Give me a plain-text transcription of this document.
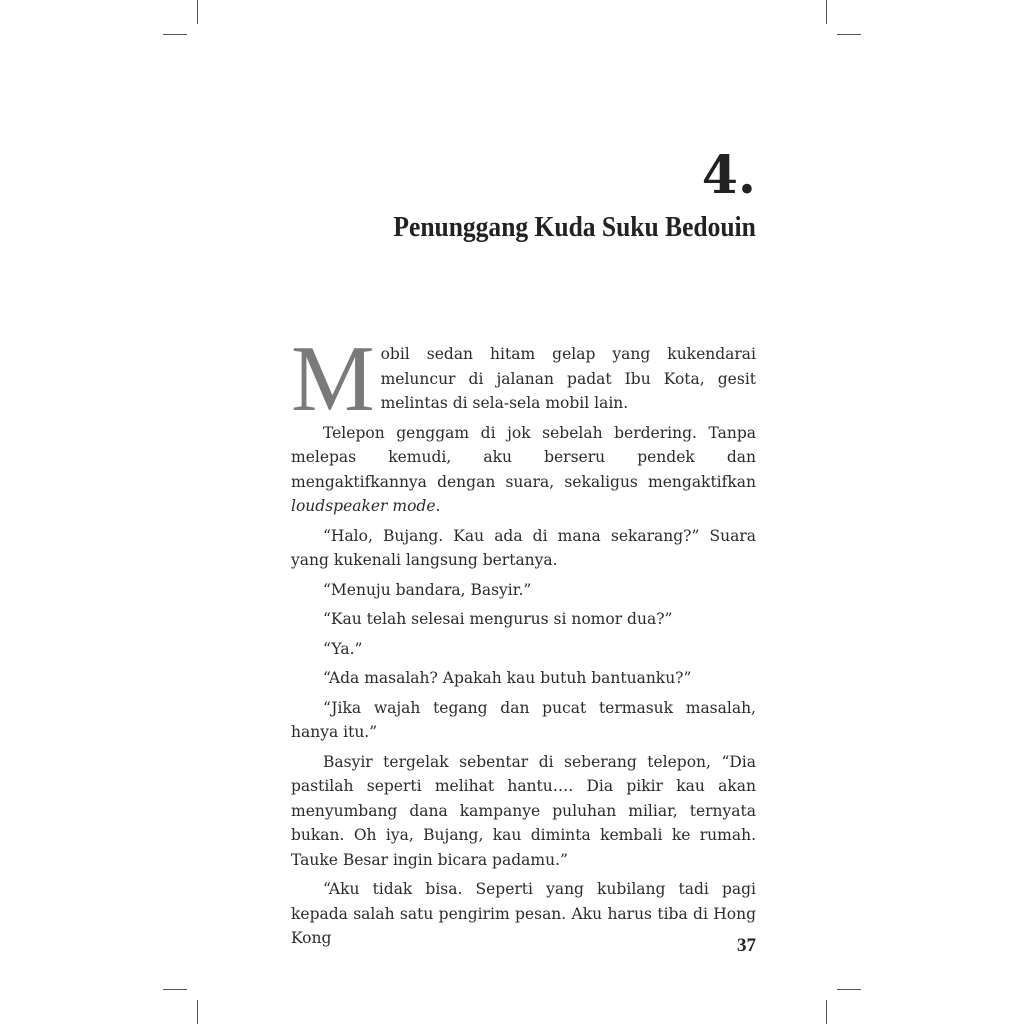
4.
Penunggang Kuda Suku Bedouin

Mobil sedan hitam gelap yang kukendarai meluncur di jalanan padat Ibu Kota, gesit melintas di sela-sela mobil lain.

Telepon genggam di jok sebelah berdering. Tanpa melepas kemudi, aku berseru pendek dan mengaktifkannya dengan suara, sekaligus mengaktifkan loudspeaker mode.

“Halo, Bujang. Kau ada di mana sekarang?” Suara yang kukenali langsung bertanya.

“Menuju bandara, Basyir.”

“Kau telah selesai mengurus si nomor dua?”

“Ya.”

“Ada masalah? Apakah kau butuh bantuanku?”

“Jika wajah tegang dan pucat termasuk masalah, hanya itu.”

Basyir tergelak sebentar di seberang telepon, “Dia pastilah seperti melihat hantu…. Dia pikir kau akan menyumbang dana kampanye puluhan miliar, ternyata bukan. Oh iya, Bujang, kau diminta kembali ke rumah. Tauke Besar ingin bicara padamu.”

“Aku tidak bisa. Seperti yang kubilang tadi pagi kepada salah satu pengirim pesan. Aku harus tiba di Hong Kong	37
